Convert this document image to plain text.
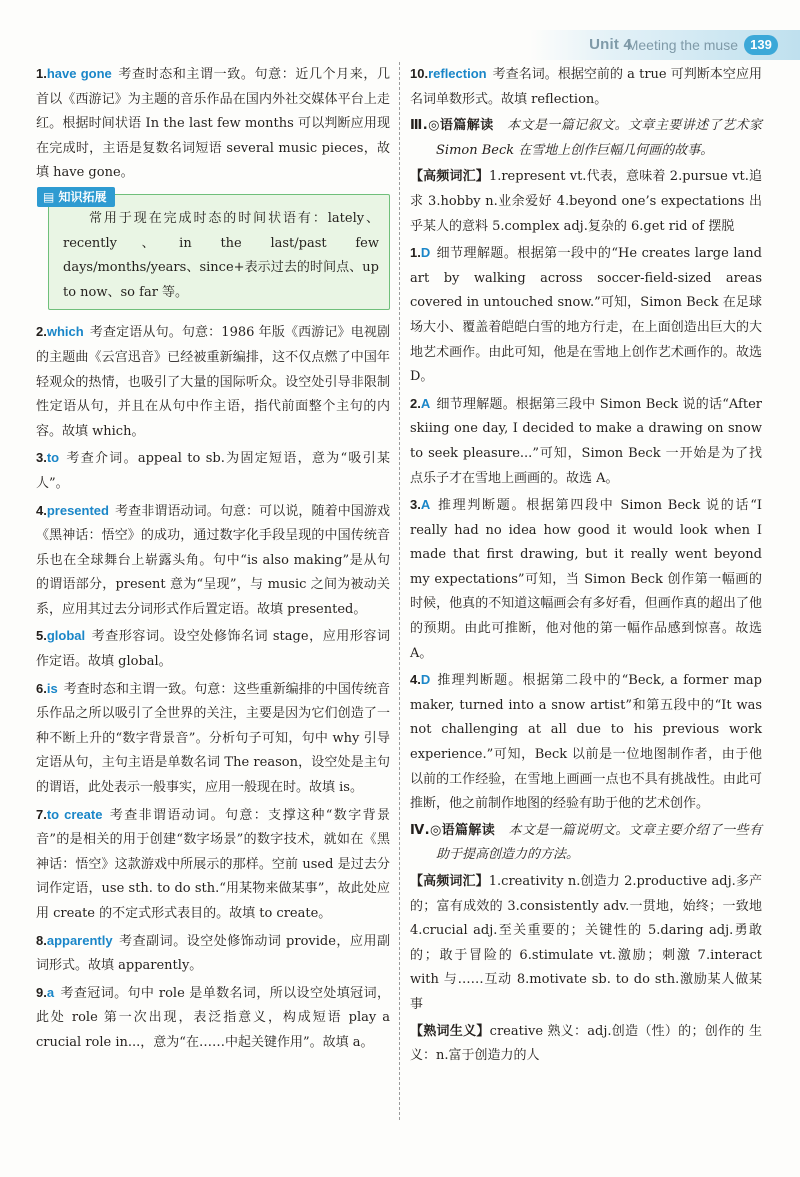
Unit 4
Meeting the muse 139
1.have gone 考查时态和主谓一致。句意：近几个月来，几首以《西游记》为主题的音乐作品在国内外社交媒体平台上走红。根据时间状语 In the last few months 可以判断应用现在完成时，主语是复数名词短语 several music pieces，故填 have gone。
▤ 知识拓展
常用于现在完成时态的时间状语有：lately、recently、in the last/past few days/months/years、since+表示过去的时间点、up to now、so far 等。
2.which 考查定语从句。句意：1986 年版《西游记》电视剧的主题曲《云宫迅音》已经被重新编排，这不仅点燃了中国年轻观众的热情，也吸引了大量的国际听众。设空处引导非限制性定语从句，并且在从句中作主语，指代前面整个主句的内容。故填 which。
3.to 考查介词。appeal to sb.为固定短语，意为“吸引某人”。
4.presented 考查非谓语动词。句意：可以说，随着中国游戏《黑神话：悟空》的成功，通过数字化手段呈现的中国传统音乐也在全球舞台上崭露头角。句中“is also making”是从句的谓语部分，present 意为“呈现”，与 music 之间为被动关系，应用其过去分词形式作后置定语。故填 presented。
5.global 考查形容词。设空处修饰名词 stage，应用形容词作定语。故填 global。
6.is 考查时态和主谓一致。句意：这些重新编排的中国传统音乐作品之所以吸引了全世界的关注，主要是因为它们创造了一种不断上升的“数字背景音”。分析句子可知，句中 why 引导定语从句，主句主语是单数名词 The reason，设空处是主句的谓语，此处表示一般事实，应用一般现在时。故填 is。
7.to create 考查非谓语动词。句意：支撑这种“数字背景音”的是相关的用于创建“数字场景”的数字技术，就如在《黑神话：悟空》这款游戏中所展示的那样。空前 used 是过去分词作定语，use sth. to do sth.“用某物来做某事”，故此处应用 create 的不定式形式表目的。故填 to create。
8.apparently 考查副词。设空处修饰动词 provide，应用副词形式。故填 apparently。
9.a 考查冠词。句中 role 是单数名词，所以设空处填冠词，此处 role 第一次出现，表泛指意义，构成短语 play a crucial role in...，意为“在……中起关键作用”。故填 a。
10.reflection 考查名词。根据空前的 a true 可判断本空应用名词单数形式。故填 reflection。
Ⅲ.◎语篇解读　 本文是一篇记叙文。文章主要讲述了艺术家 Simon Beck 在雪地上创作巨幅几何画的故事。
【高频词汇】1.represent vt.代表，意味着 2.pursue vt.追求 3.hobby n.业余爱好 4.beyond one’s expectations 出乎某人的意料 5.complex adj.复杂的 6.get rid of 摆脱
1.D 细节理解题。根据第一段中的“He creates large land art by walking across soccer-field-sized areas covered in untouched snow.”可知，Simon Beck 在足球场大小、覆盖着皑皑白雪的地方行走，在上面创造出巨大的大地艺术画作。由此可知，他是在雪地上创作艺术画作的。故选 D。
2.A 细节理解题。根据第三段中 Simon Beck 说的话“After skiing one day, I decided to make a drawing on snow to seek pleasure...”可知，Simon Beck 一开始是为了找点乐子才在雪地上画画的。故选 A。
3.A 推理判断题。根据第四段中 Simon Beck 说的话“I really had no idea how good it would look when I made that first drawing, but it really went beyond my expectations”可知，当 Simon Beck 创作第一幅画的时候，他真的不知道这幅画会有多好看，但画作真的超出了他的预期。由此可推断，他对他的第一幅作品感到惊喜。故选 A。
4.D 推理判断题。根据第二段中的“Beck, a former map maker, turned into a snow artist”和第五段中的“It was not challenging at all due to his previous work experience.”可知，Beck 以前是一位地图制作者，由于他以前的工作经验，在雪地上画画一点也不具有挑战性。由此可推断，他之前制作地图的经验有助于他的艺术创作。
Ⅳ.◎语篇解读　 本文是一篇说明文。文章主要介绍了一些有助于提高创造力的方法。
【高频词汇】1.creativity n.创造力 2.productive adj.多产的；富有成效的 3.consistently adv.一贯地，始终；一致地 4.crucial adj.至关重要的；关键性的 5.daring adj.勇敢的；敢于冒险的 6.stimulate vt.激励；刺激 7.interact with 与……互动 8.motivate sb. to do sth.激励某人做某事
【熟词生义】creative 熟义：adj.创造（性）的；创作的 生义：n.富于创造力的人
